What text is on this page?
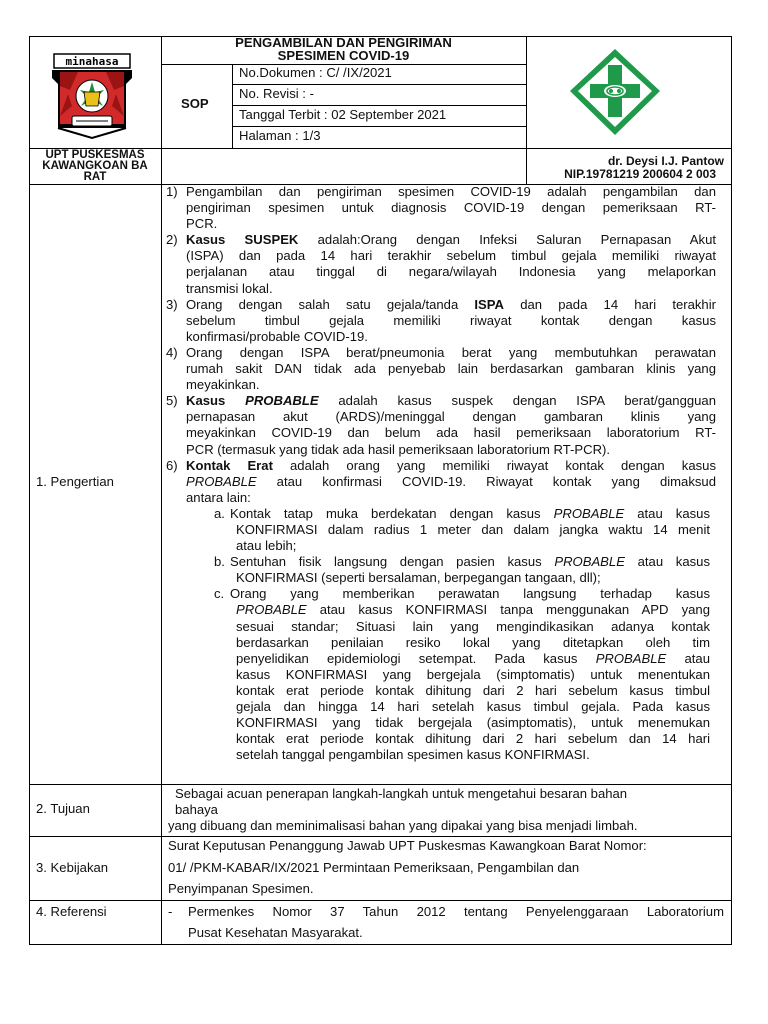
minahasa
PENGAMBILAN DAN PENGIRIMAN
SPESIMEN COVID-19
SOP
No.Dokumen : C/ /IX/2021
No. Revisi : -
Tanggal Terbit : 02 September 2021
Halaman : 1/3
UPT PUSKESMAS
KAWANGKOAN BA
RAT
dr. Deysi I.J. Pantow
NIP.19781219 200604 2 003
1. Pengertian
2. Tujuan
3. Kebijakan
4. Referensi
1) Pengambilan dan pengiriman spesimen COVID-19 adalah pengambilan dan
pengiriman spesimen untuk diagnosis COVID-19 dengan pemeriksaan RT-
PCR.
2) Kasus SUSPEK adalah:Orang dengan Infeksi Saluran Pernapasan Akut
(ISPA) dan pada 14 hari terakhir sebelum timbul gejala memiliki riwayat
perjalanan atau tinggal di negara/wilayah Indonesia yang melaporkan
transmisi lokal.
3) Orang dengan salah satu gejala/tanda ISPA dan pada 14 hari terakhir
sebelum timbul gejala memiliki riwayat kontak dengan kasus
konfirmasi/probable COVID-19.
4) Orang dengan ISPA berat/pneumonia berat yang membutuhkan perawatan
rumah sakit DAN tidak ada penyebab lain berdasarkan gambaran klinis yang
meyakinkan.
5) Kasus PROBABLE adalah kasus suspek dengan ISPA berat/gangguan
pernapasan akut (ARDS)/meninggal dengan gambaran klinis yang
meyakinkan COVID-19 dan belum ada hasil pemeriksaan laboratorium RT-
PCR (termasuk yang tidak ada hasil pemeriksaan laboratorium RT-PCR).
6) Kontak Erat adalah orang yang memiliki riwayat kontak dengan kasus
PROBABLE atau konfirmasi COVID-19. Riwayat kontak yang dimaksud
antara lain:
a. Kontak tatap muka berdekatan dengan kasus PROBABLE atau kasus
KONFIRMASI dalam radius 1 meter dan dalam jangka waktu 14 menit
atau lebih;
b. Sentuhan fisik langsung dengan pasien kasus PROBABLE atau kasus
KONFIRMASI (seperti bersalaman, berpegangan tangaan, dll);
c. Orang yang memberikan perawatan langsung terhadap kasus
PROBABLE atau kasus KONFIRMASI tanpa menggunakan APD yang
sesuai standar; Situasi lain yang mengindikasikan adanya kontak
berdasarkan penilaian resiko lokal yang ditetapkan oleh tim
penyelidikan epidemiologi setempat. Pada kasus PROBABLE atau
kasus KONFIRMASI yang bergejala (simptomatis) untuk menentukan
kontak erat periode kontak dihitung dari 2 hari sebelum kasus timbul
gejala dan hingga 14 hari setelah kasus timbul gejala. Pada kasus
KONFIRMASI yang tidak bergejala (asimptomatis), untuk menemukan
kontak erat periode kontak dihitung dari 2 hari sebelum dan 14 hari
setelah tanggal pengambilan spesimen kasus KONFIRMASI.
Sebagai acuan penerapan langkah-langkah untuk mengetahui besaran bahan
bahaya
yang dibuang dan meminimalisasi bahan yang dipakai yang bisa menjadi limbah.
Surat Keputusan Penanggung Jawab UPT Puskesmas Kawangkoan Barat Nomor:
01/ /PKM-KABAR/IX/2021 Permintaan Pemeriksaan, Pengambilan dan
Penyimpanan Spesimen.
- Permenkes Nomor 37 Tahun 2012 tentang Penyelenggaraan Laboratorium
Pusat Kesehatan Masyarakat.
